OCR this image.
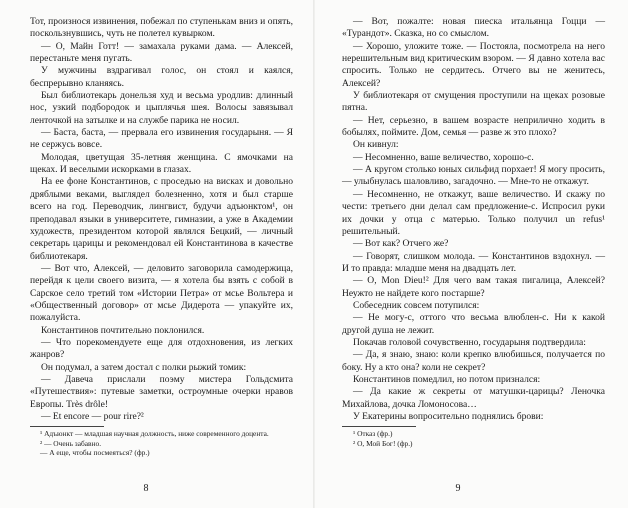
Тот, произнося извинения, побежал по ступенькам вниз и опять, поскользнувшись, чуть не полетел кувырком.

— О, Майн Готт! — замахала руками дама. — Алексей, перестаньте меня пугать.

У мужчины вздрагивал голос, он стоял и каялся, беспрерывно кланяясь.

Был библиотекарь донельзя худ и весьма уродлив: длинный нос, узкий подбородок и цыплячья шея. Волосы завязывал ленточкой на затылке и на службе парика не носил.

— Баста, баста, — прервала его извинения государыня. — Я не сержусь вовсе.

Молодая, цветущая 35-летняя женщина. С ямочками на щеках. И веселыми искорками в глазах.

На ее фоне Константинов, с проседью на висках и довольно дряблыми веками, выглядел болезненно, хотя и был старше всего на год. Переводчик, лингвист, будучи адъюнктом¹, он преподавал языки в университете, гимназии, а уже в Академии художеств, президентом которой являлся Бецкий, — личный секретарь царицы и рекомендовал ей Константинова в качестве библиотекаря.

— Вот что, Алексей, — деловито заговорила самодержица, перейдя к цели своего визита, — я хотела бы взять с собой в Сарское село третий том «Истории Петра» от мсье Вольтера и «Общественный договор» от мсье Дидерота — упакуйте их, пожалуйста.

Константинов почтительно поклонился.

— Что порекомендуете еще для отдохновения, из легких жанров?

Он подумал, а затем достал с полки рыжий томик:

— Давеча прислали поэму мистера Гольдсмита «Путешествия»: путевые заметки, остроумные очерки нравов Европы. Très drôle!

— Et encore — pour rire?²

¹ Адъюнкт — младшая научная должность, ниже современного доцента.

² — Очень забавно.

— А еще, чтобы посмеяться? (фр.)

8

— Вот, пожалте: новая пиеска итальянца Гоцци — «Турандот». Сказка, но со смыслом.

— Хорошо, уложите тоже. — Постояла, посмотрела на него нерешительным вид критическим взором. — Я давно хотела вас спросить. Только не сердитесь. Отчего вы не женитесь, Алексей?

У библиотекаря от смущения проступили на щеках розовые пятна.

— Нет, серьезно, в вашем возрасте неприлично ходить в бобылях, поймите. Дом, семья — разве ж это плохо?

Он кивнул:

— Несомненно, ваше величество, хорошо-с.

— А кругом столько юных сильфид порхает! Я могу просить, — улыбнулась шаловливо, загадочно. — Мне-то не откажут.

— Несомненно, не откажут, ваше величество. И скажу по чести: третьего дни делал сам предложение-с. Испросил руки их дочки у отца с матерью. Только получил un refus¹ решительный.

— Вот как? Отчего же?

— Говорят, слишком молода. — Константинов вздохнул. — И то правда: младше меня на двадцать лет.

— О, Mon Dieu!² Для чего вам такая пигалица, Алексей? Неужто не найдете кого постарше?

Собеседник совсем потупился:

— Не могу-с, оттого что весьма влюблен-с. Ни к какой другой душа не лежит.

Покачав головой сочувственно, государыня подтвердила:

— Да, я знаю, знаю: коли крепко влюбишься, получается по боку. Ну а кто она? коли не секрет?

Константинов помедлил, но потом признался:

— Да какие ж секреты от матушки-царицы? Леночка Михайлова, дочка Ломоносова…

У Екатерины вопросительно поднялись брови:

¹ Отказ (фр.)

² О, Мой Бог! (фр.)

9
